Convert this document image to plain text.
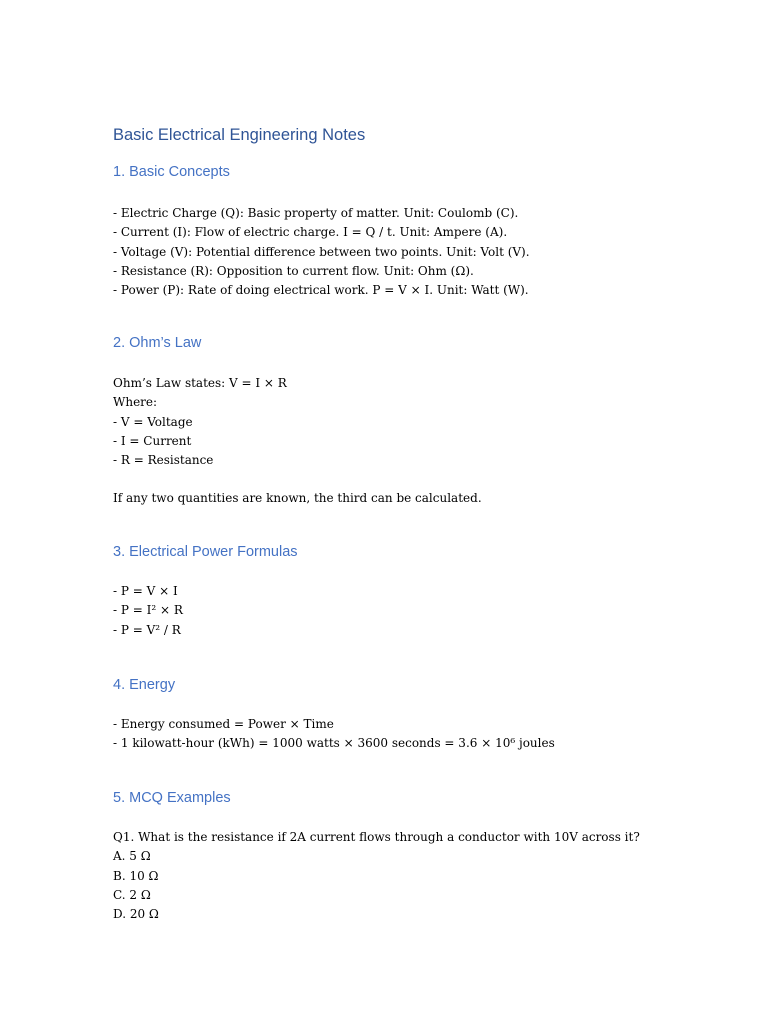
Basic Electrical Engineering Notes
1. Basic Concepts
- Electric Charge (Q): Basic property of matter. Unit: Coulomb (C).
- Current (I): Flow of electric charge. I = Q / t. Unit: Ampere (A).
- Voltage (V): Potential difference between two points. Unit: Volt (V).
- Resistance (R): Opposition to current flow. Unit: Ohm (Ω).
- Power (P): Rate of doing electrical work. P = V × I. Unit: Watt (W).
2. Ohm’s Law
Ohm’s Law states: V = I × R
Where:
- V = Voltage
- I = Current
- R = Resistance
If any two quantities are known, the third can be calculated.
3. Electrical Power Formulas
- P = V × I
- P = I² × R
- P = V² / R
4. Energy
- Energy consumed = Power × Time
- 1 kilowatt-hour (kWh) = 1000 watts × 3600 seconds = 3.6 × 10⁶ joules
5. MCQ Examples
Q1. What is the resistance if 2A current flows through a conductor with 10V across it?
A. 5 Ω
B. 10 Ω
C. 2 Ω
D. 20 Ω
